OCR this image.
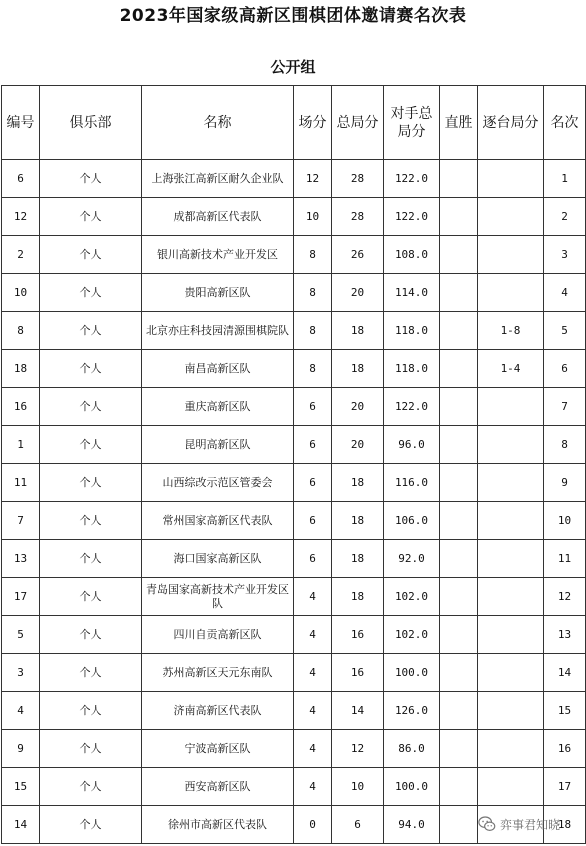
2023年国家级高新区围棋团体邀请赛名次表
公开组
编号	俱乐部	名称	场分	总局分	对手总局分	直胜	逐台局分	名次
6	个人	上海张江高新区耐久企业队	12	28	122.0			1
12	个人	成都高新区代表队	10	28	122.0			2
2	个人	银川高新技术产业开发区	8	26	108.0			3
10	个人	贵阳高新区队	8	20	114.0			4
8	个人	北京亦庄科技园清源围棋院队	8	18	118.0		1-8	5
18	个人	南昌高新区队	8	18	118.0		1-4	6
16	个人	重庆高新区队	6	20	122.0			7
1	个人	昆明高新区队	6	20	96.0			8
11	个人	山西综改示范区管委会	6	18	116.0			9
7	个人	常州国家高新区代表队	6	18	106.0			10
13	个人	海口国家高新区队	6	18	92.0			11
17	个人	青岛国家高新技术产业开发区队	4	18	102.0			12
5	个人	四川自贡高新区队	4	16	102.0			13
3	个人	苏州高新区天元东南队	4	16	100.0			14
4	个人	济南高新区代表队	4	14	126.0			15
9	个人	宁波高新区队	4	12	86.0			16
15	个人	西安高新区队	4	10	100.0			17
14	个人	徐州市高新区代表队	0	6	94.0			18
弈事君知晓
